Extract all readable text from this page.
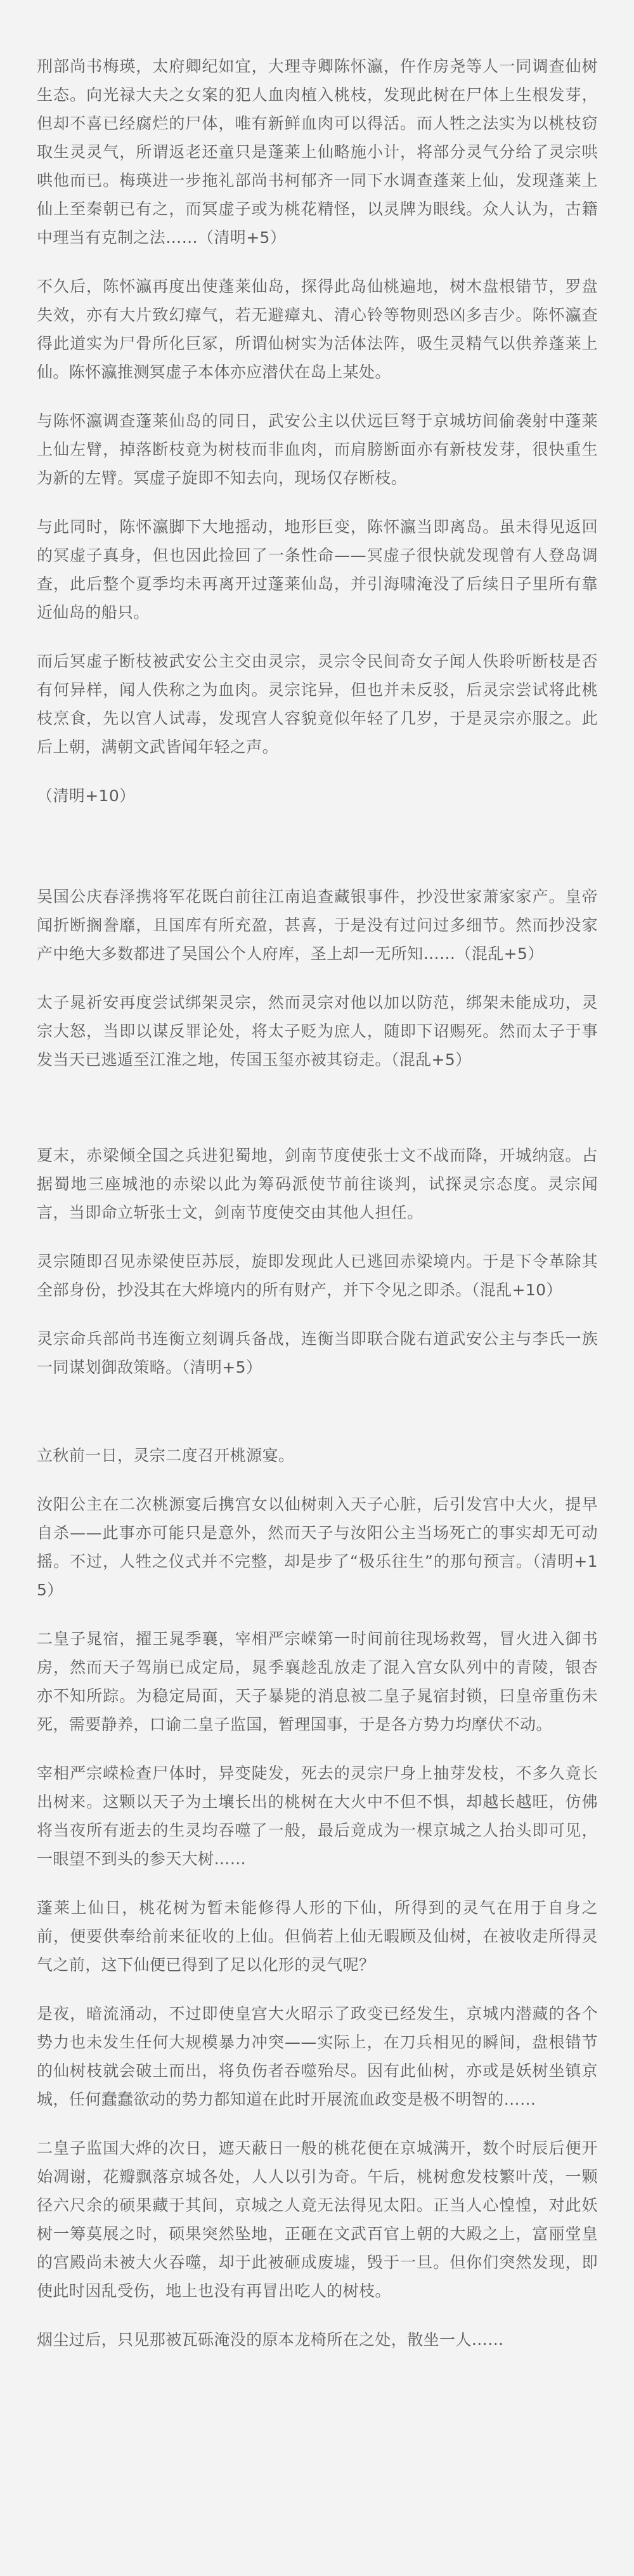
刑部尚书梅瑛，太府卿纪如宜，大理寺卿陈怀瀛，仵作房尧等人一同调查仙树生态。向光禄大夫之女案的犯人血肉植入桃枝，发现此树在尸体上生根发芽，但却不喜已经腐烂的尸体，唯有新鲜血肉可以得活。而人牲之法实为以桃枝窃取生灵灵气，所谓返老还童只是蓬莱上仙略施小计，将部分灵气分给了灵宗哄哄他而已。梅瑛进一步拖礼部尚书柯郁齐一同下水调查蓬莱上仙，发现蓬莱上仙上至秦朝已有之，而冥虚子或为桃花精怪，以灵牌为眼线。众人认为，古籍中理当有克制之法……（清明+5）

不久后，陈怀瀛再度出使蓬莱仙岛，探得此岛仙桃遍地，树木盘根错节，罗盘失效，亦有大片致幻瘴气，若无避瘴丸、清心铃等物则恐凶多吉少。陈怀瀛查得此道实为尸骨所化巨冢，所谓仙树实为活体法阵，吸生灵精气以供养蓬莱上仙。陈怀瀛推测冥虚子本体亦应潜伏在岛上某处。

与陈怀瀛调查蓬莱仙岛的同日，武安公主以伏远巨弩于京城坊间偷袭射中蓬莱上仙左臂，掉落断枝竟为树枝而非血肉，而肩膀断面亦有新枝发芽，很快重生为新的左臂。冥虚子旋即不知去向，现场仅存断枝。

与此同时，陈怀瀛脚下大地摇动，地形巨变，陈怀瀛当即离岛。虽未得见返回的冥虚子真身，但也因此捡回了一条性命——冥虚子很快就发现曾有人登岛调查，此后整个夏季均未再离开过蓬莱仙岛，并引海啸淹没了后续日子里所有靠近仙岛的船只。

而后冥虚子断枝被武安公主交由灵宗，灵宗令民间奇女子闻人佚聆听断枝是否有何异样，闻人佚称之为血肉。灵宗诧异，但也并未反驳，后灵宗尝试将此桃枝烹食，先以宫人试毒，发现宫人容貌竟似年轻了几岁，于是灵宗亦服之。此后上朝，满朝文武皆闻年轻之声。

（清明+10）

吴国公庆春泽携将军花既白前往江南追查藏银事件，抄没世家萧家家产。皇帝闻折断搁誊靡，且国库有所充盈，甚喜，于是没有过问过多细节。然而抄没家产中绝大多数都进了吴国公个人府库，圣上却一无所知……（混乱+5）

太子晁祈安再度尝试绑架灵宗，然而灵宗对他以加以防范，绑架未能成功，灵宗大怒，当即以谋反罪论处，将太子贬为庶人，随即下诏赐死。然而太子于事发当天已逃遁至江淮之地，传国玉玺亦被其窃走。（混乱+5）

夏末，赤梁倾全国之兵进犯蜀地，剑南节度使张士文不战而降，开城纳寇。占据蜀地三座城池的赤梁以此为筹码派使节前往谈判，试探灵宗态度。灵宗闻言，当即命立斩张士文，剑南节度使交由其他人担任。

灵宗随即召见赤梁使臣苏辰，旋即发现此人已逃回赤梁境内。于是下令革除其全部身份，抄没其在大烨境内的所有财产，并下令见之即杀。（混乱+10）

灵宗命兵部尚书连衡立刻调兵备战，连衡当即联合陇右道武安公主与李氏一族一同谋划御敌策略。（清明+5）

立秋前一日，灵宗二度召开桃源宴。

汝阳公主在二次桃源宴后携宫女以仙树刺入天子心脏，后引发宫中大火，提早自杀——此事亦可能只是意外，然而天子与汝阳公主当场死亡的事实却无可动摇。不过，人牲之仪式并不完整，却是步了“极乐往生”的那句预言。（清明+15）

二皇子晁宿，擢王晁季襄，宰相严宗嵘第一时间前往现场救驾，冒火进入御书房，然而天子驾崩已成定局，晁季襄趁乱放走了混入宫女队列中的青陵，银杏亦不知所踪。为稳定局面，天子暴毙的消息被二皇子晁宿封锁，曰皇帝重伤未死，需要静养，口谕二皇子监国，暂理国事，于是各方势力均摩伏不动。

宰相严宗嵘检查尸体时，异变陡发，死去的灵宗尸身上抽芽发枝，不多久竟长出树来。这颗以天子为土壤长出的桃树在大火中不但不惧，却越长越旺，仿佛将当夜所有逝去的生灵均吞噬了一般，最后竟成为一棵京城之人抬头即可见，一眼望不到头的参天大树……

蓬莱上仙日，桃花树为暂未能修得人形的下仙，所得到的灵气在用于自身之前，便要供奉给前来征收的上仙。但倘若上仙无暇顾及仙树，在被收走所得灵气之前，这下仙便已得到了足以化形的灵气呢？

是夜，暗流涌动，不过即使皇宫大火昭示了政变已经发生，京城内潜藏的各个势力也未发生任何大规模暴力冲突——实际上，在刀兵相见的瞬间，盘根错节的仙树枝就会破土而出，将负伤者吞噬殆尽。因有此仙树，亦或是妖树坐镇京城，任何蠢蠢欲动的势力都知道在此时开展流血政变是极不明智的……

二皇子监国大烨的次日，遮天蔽日一般的桃花便在京城满开，数个时辰后便开始凋谢，花瓣飘落京城各处，人人以引为奇。午后，桃树愈发枝繁叶茂，一颗径六尺余的硕果藏于其间，京城之人竟无法得见太阳。正当人心惶惶，对此妖树一筹莫展之时，硕果突然坠地，正砸在文武百官上朝的大殿之上，富丽堂皇的宫殿尚未被大火吞噬，却于此被砸成废墟，毁于一旦。但你们突然发现，即使此时因乱受伤，地上也没有再冒出吃人的树枝。

烟尘过后，只见那被瓦砾淹没的原本龙椅所在之处，散坐一人……
